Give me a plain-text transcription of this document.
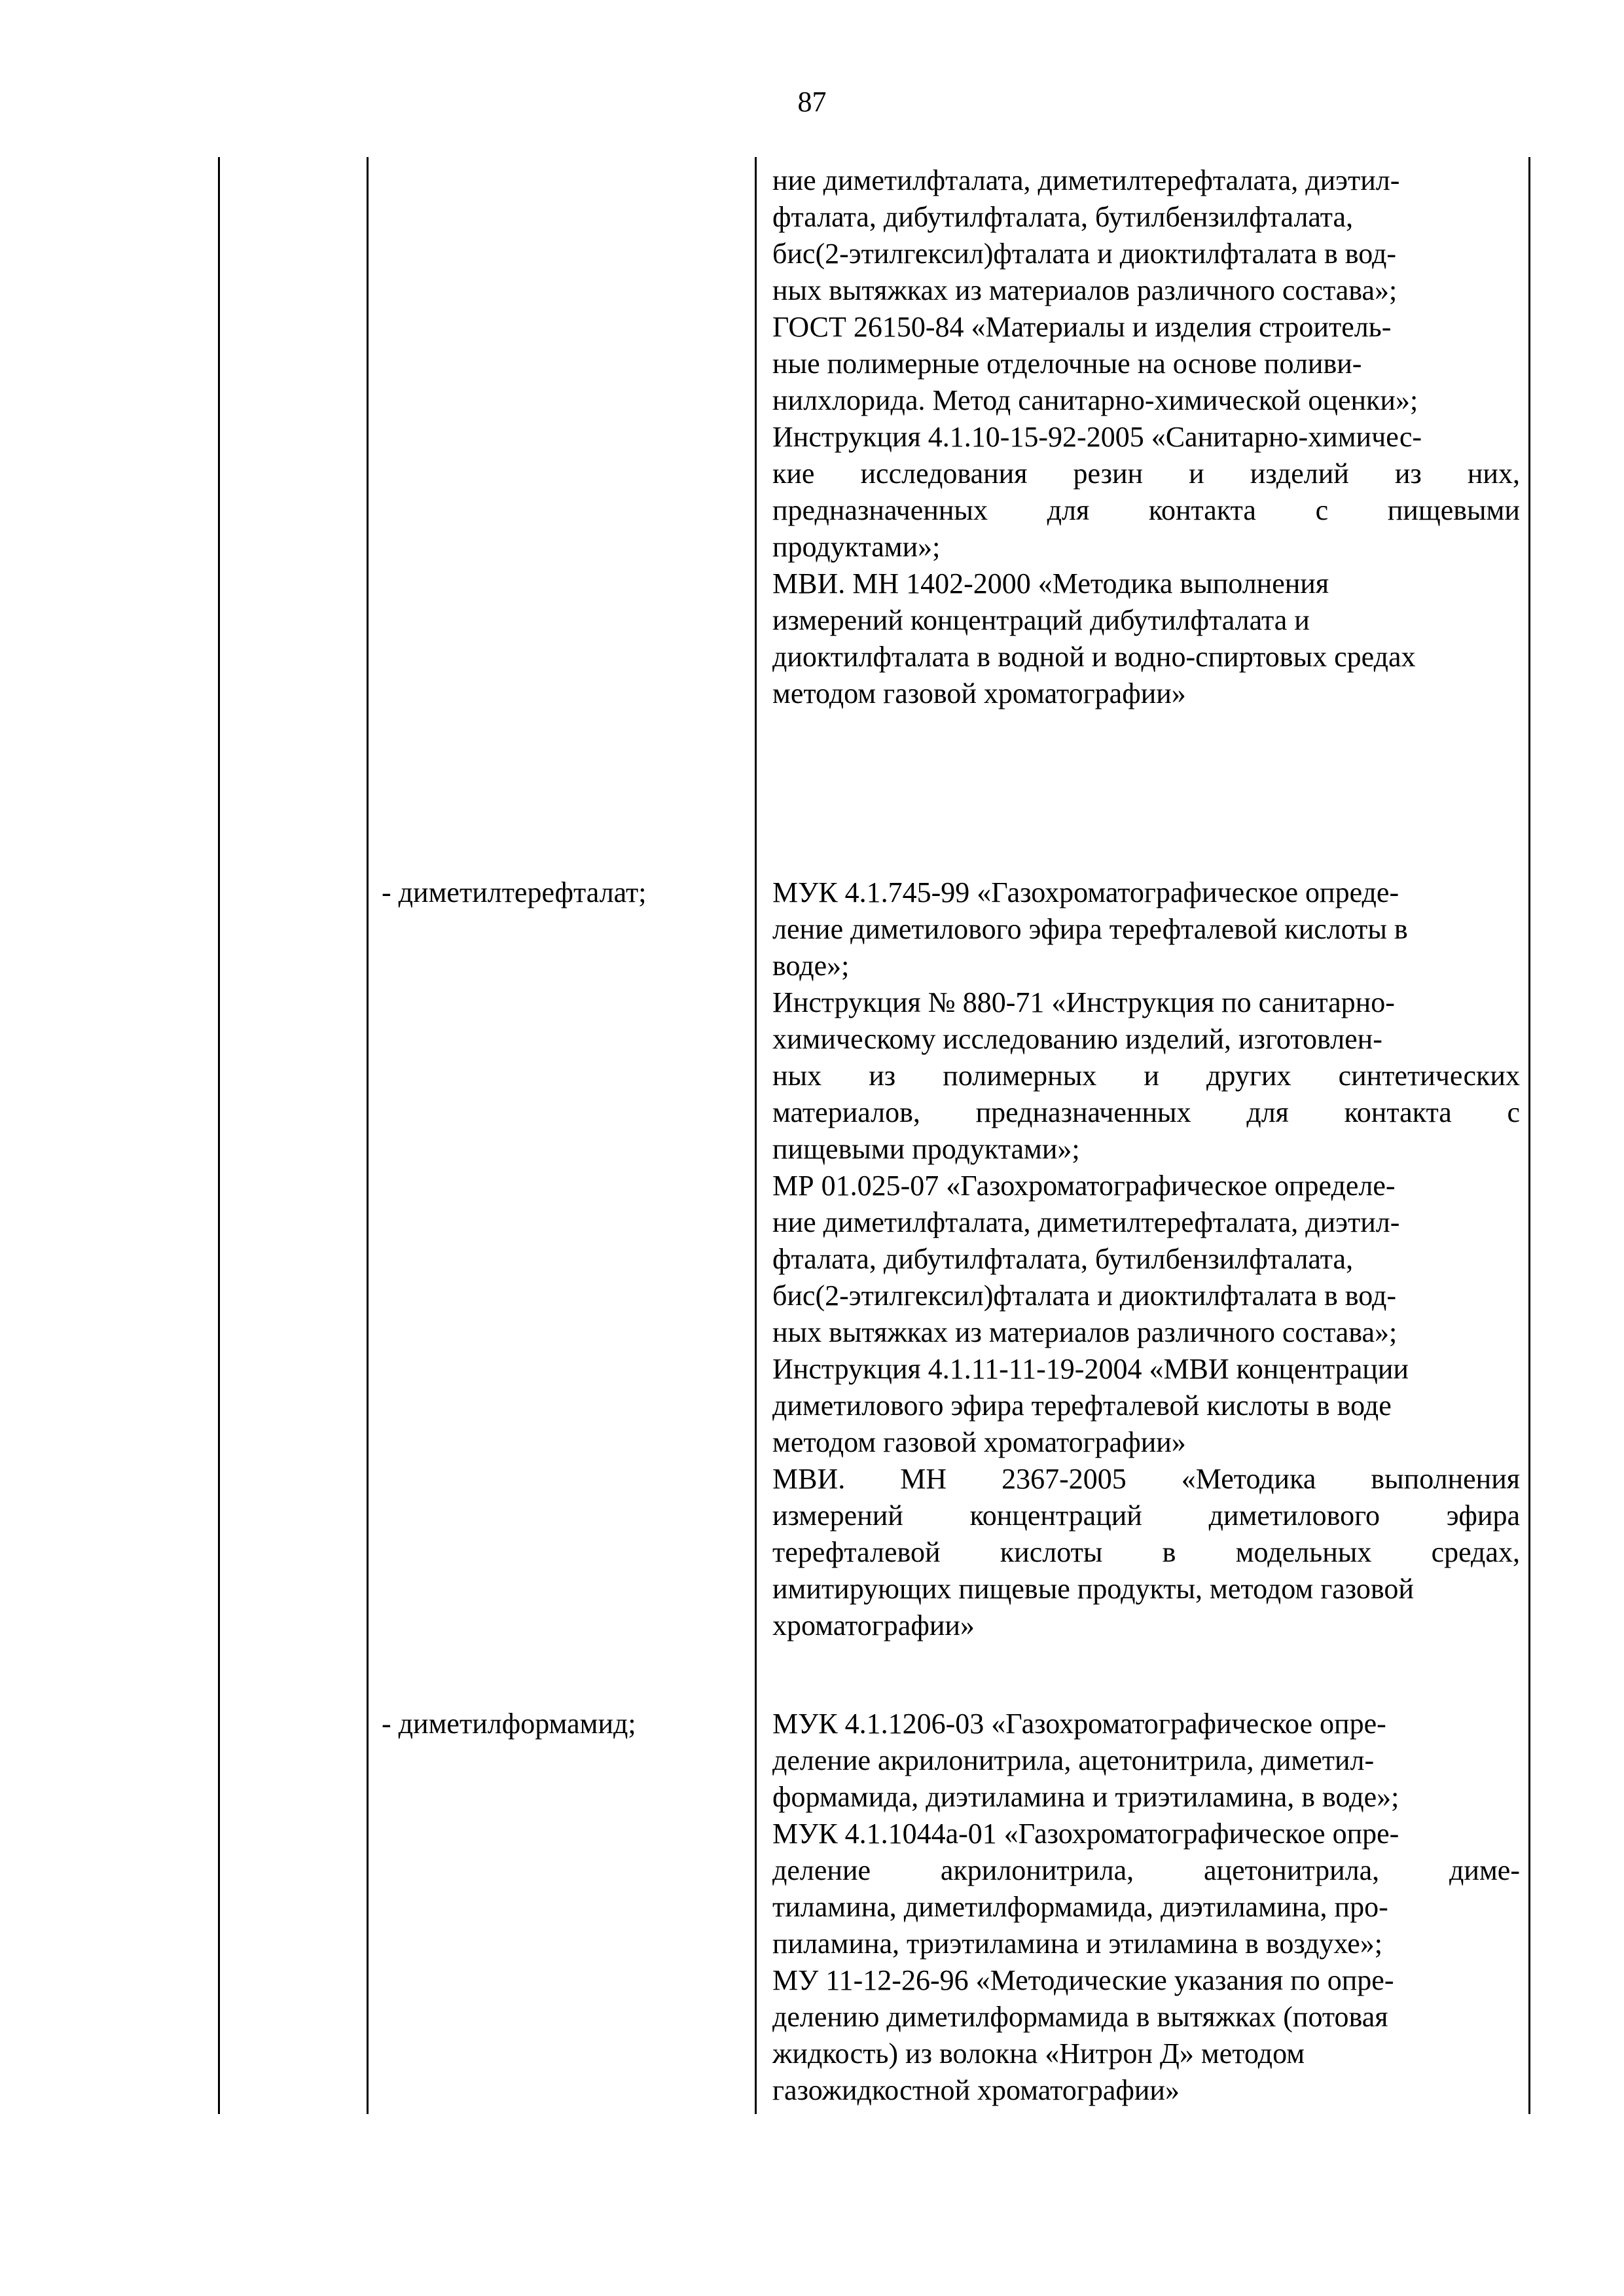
87
ние диметилфталата, диметилтерефталата, диэтил-
фталата, дибутилфталата, бутилбензилфталата,
бис(2-этилгексил)фталата и диоктилфталата в вод-
ных вытяжках из материалов различного состава»;
ГОСТ 26150-84 «Материалы и изделия строитель-
ные полимерные отделочные на основе поливи-
нилхлорида. Метод санитарно-химической оценки»;
Инструкция 4.1.10-15-92-2005 «Санитарно-химичес-
кие исследования резин и изделий из них,
предназначенных для контакта с пищевыми
продуктами»;
МВИ. МН 1402-2000 «Методика выполнения
измерений концентраций дибутилфталата и
диоктилфталата в водной и водно-спиртовых средах
методом газовой хроматографии»
- диметилтерефталат;	МУК 4.1.745-99 «Газохроматографическое опреде-
ление диметилового эфира терефталевой кислоты в
воде»;
Инструкция № 880-71 «Инструкция по санитарно-
химическому исследованию изделий, изготовлен-
ных из полимерных и других синтетических
материалов, предназначенных для контакта с
пищевыми продуктами»;
МР 01.025-07 «Газохроматографическое определе-
ние диметилфталата, диметилтерефталата, диэтил-
фталата, дибутилфталата, бутилбензилфталата,
бис(2-этилгексил)фталата и диоктилфталата в вод-
ных вытяжках из материалов различного состава»;
Инструкция 4.1.11-11-19-2004 «МВИ концентрации
диметилового эфира терефталевой кислоты в воде
методом газовой хроматографии»
МВИ. МН 2367-2005 «Методика выполнения
измерений концентраций диметилового эфира
терефталевой кислоты в модельных средах,
имитирующих пищевые продукты, методом газовой
хроматографии»
- диметилформамид;	МУК 4.1.1206-03 «Газохроматографическое опре-
деление акрилонитрила, ацетонитрила, диметил-
формамида, диэтиламина и триэтиламина, в воде»;
МУК 4.1.1044а-01 «Газохроматографическое опре-
деление акрилонитрила, ацетонитрила, диме-
тиламина, диметилформамида, диэтиламина, про-
пиламина, триэтиламина и этиламина в воздухе»;
МУ 11-12-26-96 «Методические указания по опре-
делению диметилформамида в вытяжках (потовая
жидкость) из волокна «Нитрон Д» методом
газожидкостной хроматографии»
